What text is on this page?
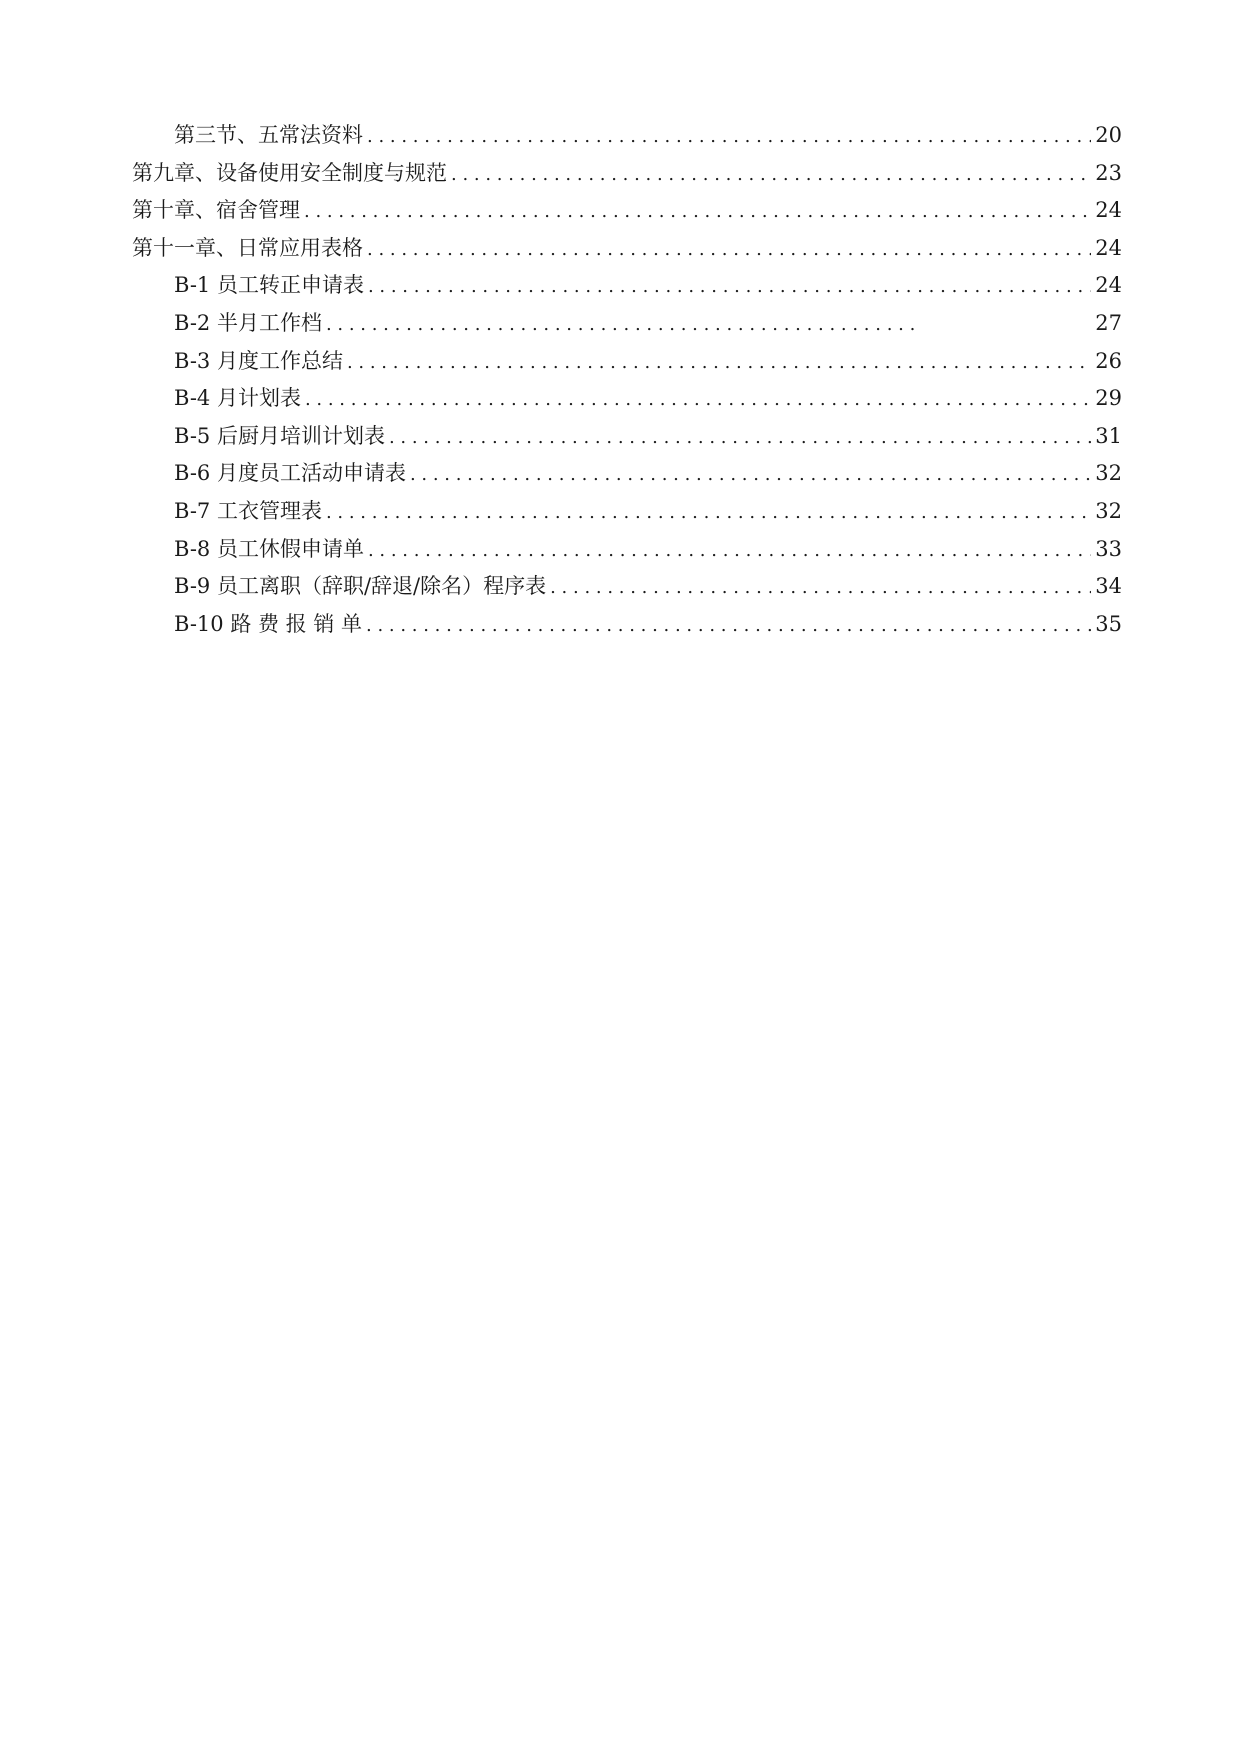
第三节、五常法资料 . . .	20
第九章、设备使用安全制度与规范 . . .	23
第十章、宿舍管理 . . .	24
第十一章、日常应用表格 . . .	24
B-1 员工转正申请表 . . .	24
B-2 半月工作档 . . .	27
B-3 月度工作总结 . . .	26
B-4 月计划表 . . .	29
B-5 后厨月培训计划表 . . .	31
B-6 月度员工活动申请表 . . .	32
B-7 工衣管理表 . . .	32
B-8 员工休假申请单 . . .	33
B-9 员工离职（辞职/辞退/除名）程序表 . . .	34
B-10 路 费 报 销 单 . . .	35
